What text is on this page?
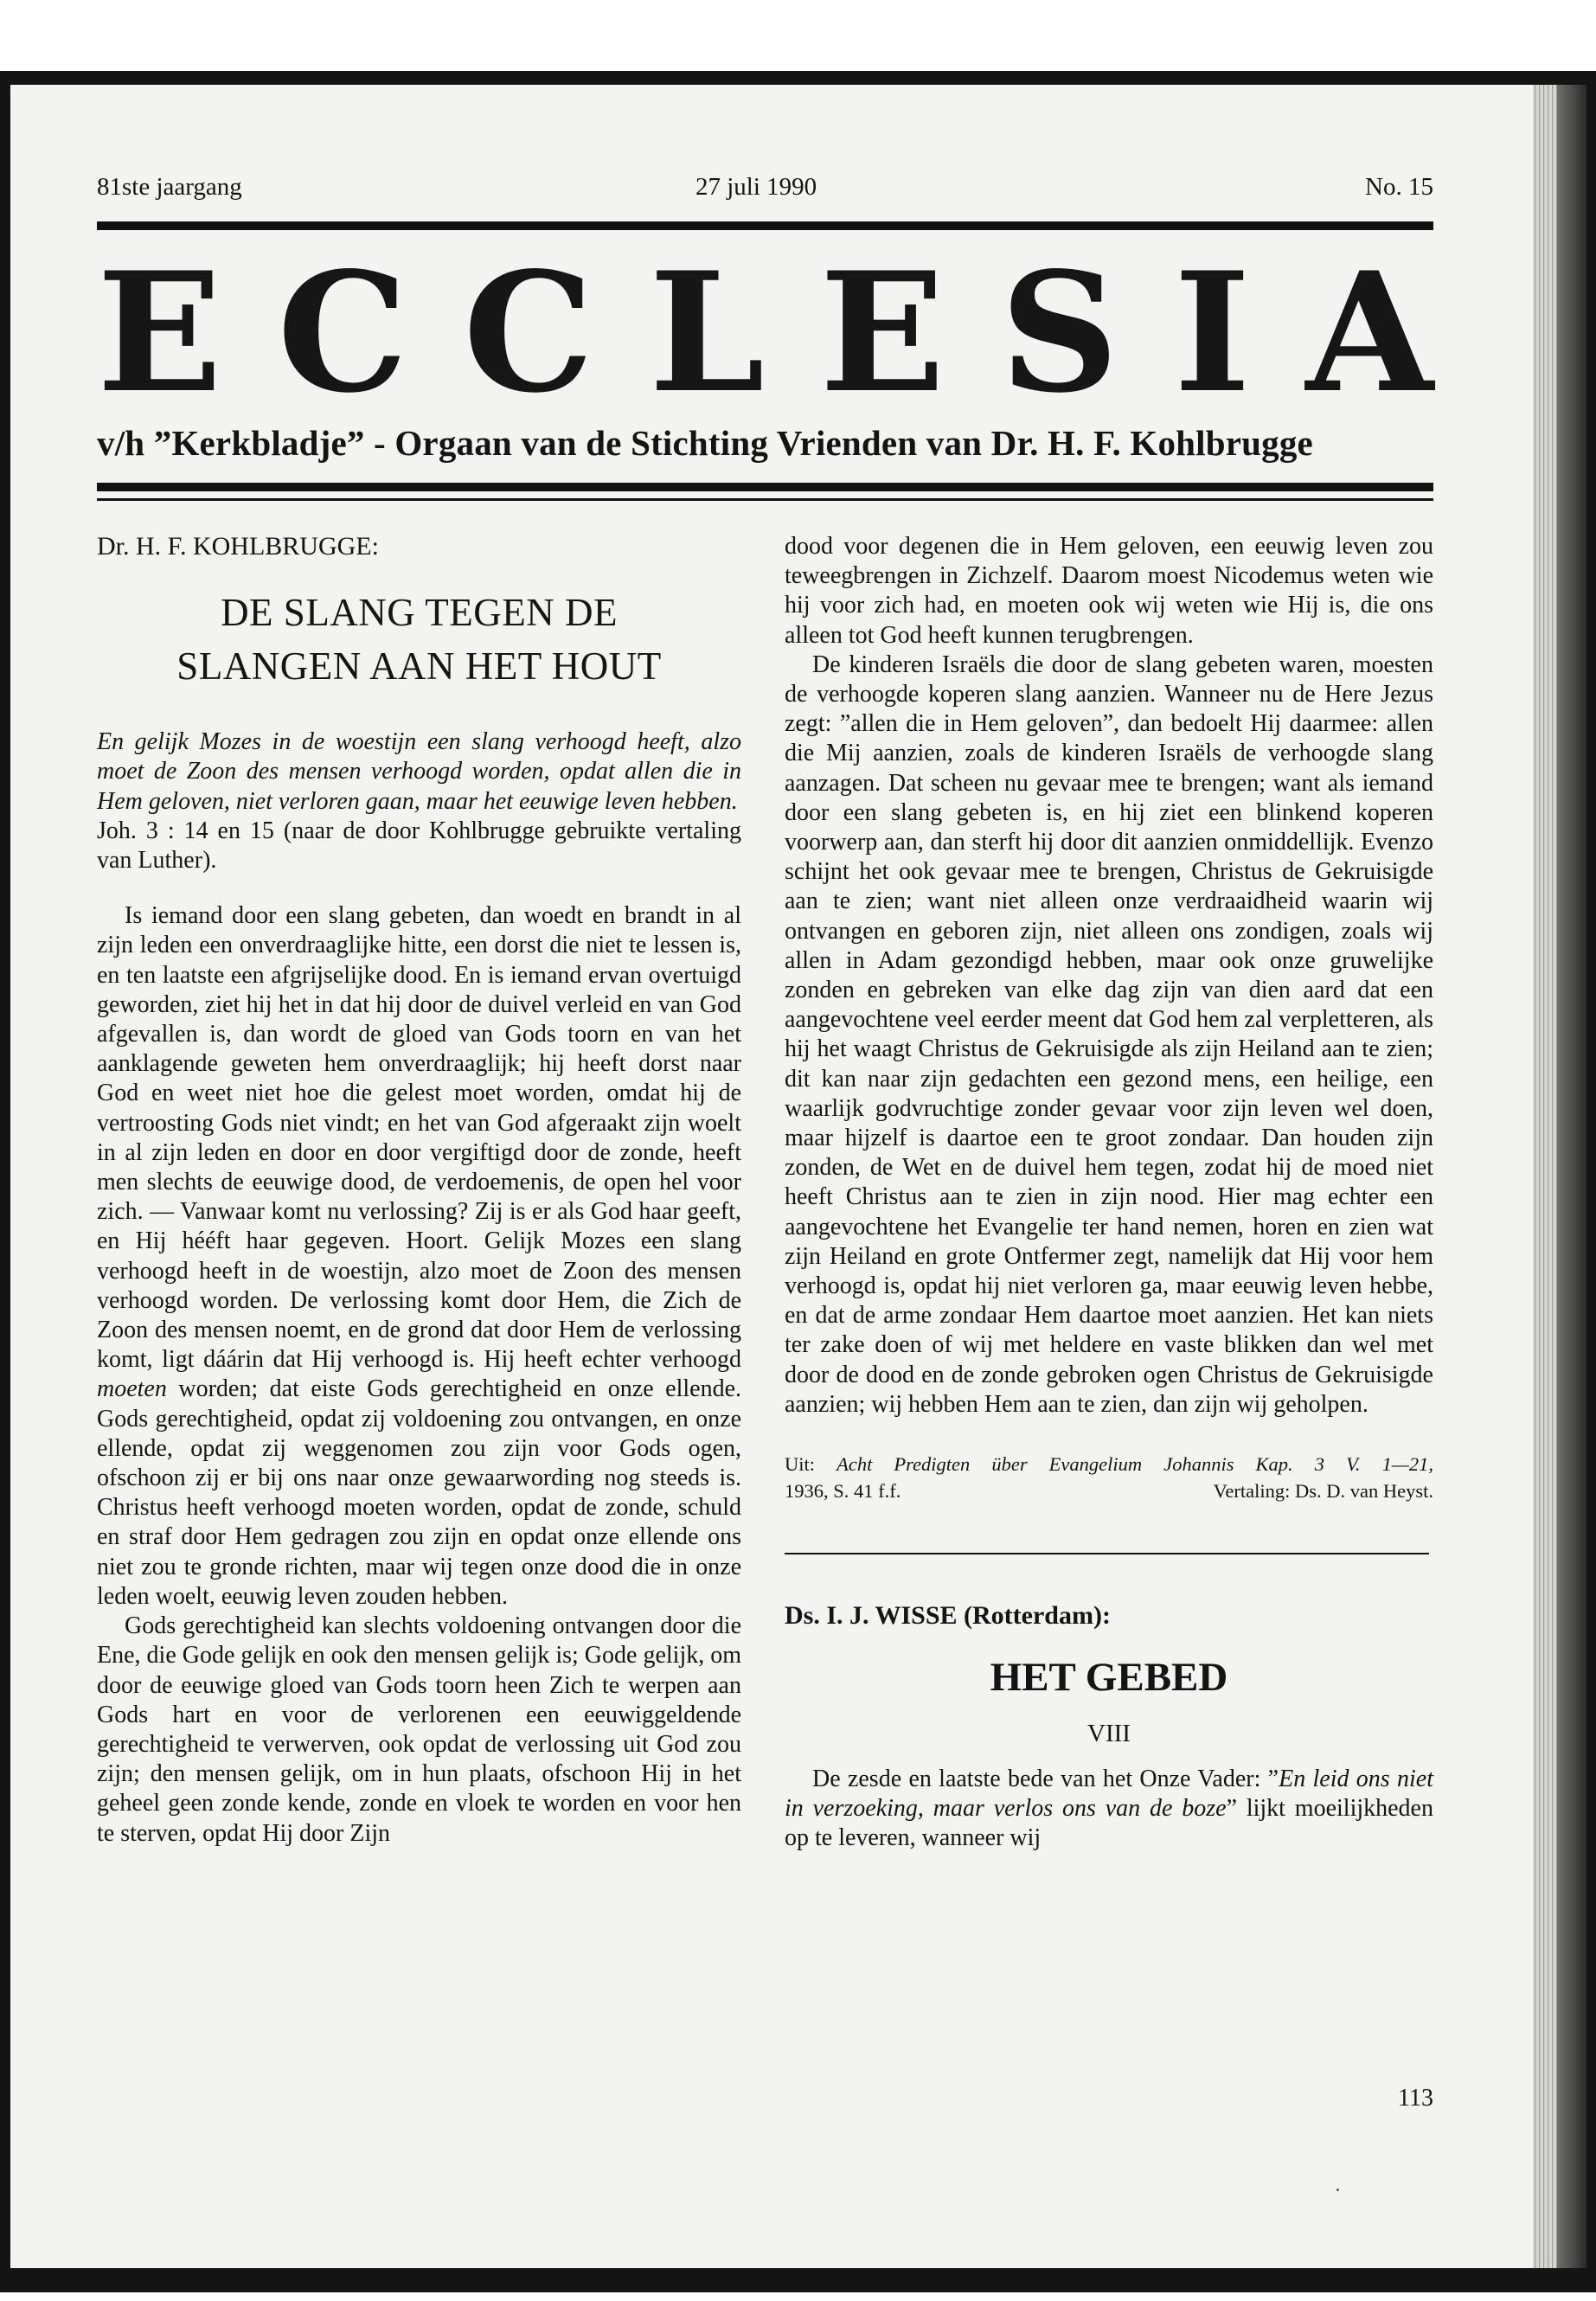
81ste jaargang	27 juli 1990	No. 15
E C C L E S I A
v/h ”Kerkbladje” - Orgaan van de Stichting Vrienden van Dr. H. F. Kohlbrugge

Dr. H. F. KOHLBRUGGE:

DE SLANG TEGEN DE
SLANGEN AAN HET HOUT

En gelijk Mozes in de woestijn een slang verhoogd heeft, alzo moet de Zoon des mensen verhoogd worden, opdat allen die in Hem geloven, niet verloren gaan, maar het eeuwige leven hebben.

Joh. 3 : 14 en 15 (naar de door Kohlbrugge gebruikte vertaling van Luther).

Is iemand door een slang gebeten, dan woedt en brandt in al zijn leden een onverdraaglijke hitte, een dorst die niet te lessen is, en ten laatste een afgrijselijke dood. En is iemand ervan overtuigd geworden, ziet hij het in dat hij door de duivel verleid en van God afgevallen is, dan wordt de gloed van Gods toorn en van het aanklagende geweten hem onverdraaglijk; hij heeft dorst naar God en weet niet hoe die gelest moet worden, omdat hij de vertroosting Gods niet vindt; en het van God afgeraakt zijn woelt in al zijn leden en door en door vergiftigd door de zonde, heeft men slechts de eeuwige dood, de verdoemenis, de open hel voor zich. — Vanwaar komt nu verlossing? Zij is er als God haar geeft, en Hij hééft haar gegeven. Hoort. Gelijk Mozes een slang verhoogd heeft in de woestijn, alzo moet de Zoon des mensen verhoogd worden. De verlossing komt door Hem, die Zich de Zoon des mensen noemt, en de grond dat door Hem de verlossing komt, ligt dáárin dat Hij verhoogd is. Hij heeft echter verhoogd moeten worden; dat eiste Gods gerechtigheid en onze ellende. Gods gerechtigheid, opdat zij voldoening zou ontvangen, en onze ellende, opdat zij weggenomen zou zijn voor Gods ogen, ofschoon zij er bij ons naar onze gewaarwording nog steeds is. Christus heeft verhoogd moeten worden, opdat de zonde, schuld en straf door Hem gedragen zou zijn en opdat onze ellende ons niet zou te gronde richten, maar wij tegen onze dood die in onze leden woelt, eeuwig leven zouden hebben.

Gods gerechtigheid kan slechts voldoening ontvangen door die Ene, die Gode gelijk en ook den mensen gelijk is; Gode gelijk, om door de eeuwige gloed van Gods toorn heen Zich te werpen aan Gods hart en voor de verlorenen een eeuwiggeldende gerechtigheid te verwerven, ook opdat de verlossing uit God zou zijn; den mensen gelijk, om in hun plaats, ofschoon Hij in het geheel geen zonde kende, zonde en vloek te worden en voor hen te sterven, opdat Hij door Zijn

dood voor degenen die in Hem geloven, een eeuwig leven zou teweegbrengen in Zichzelf. Daarom moest Nicodemus weten wie hij voor zich had, en moeten ook wij weten wie Hij is, die ons alleen tot God heeft kunnen terugbrengen.

De kinderen Israëls die door de slang gebeten waren, moesten de verhoogde koperen slang aanzien. Wanneer nu de Here Jezus zegt: ”allen die in Hem geloven”, dan bedoelt Hij daarmee: allen die Mij aanzien, zoals de kinderen Israëls de verhoogde slang aanzagen. Dat scheen nu gevaar mee te brengen; want als iemand door een slang gebeten is, en hij ziet een blinkend koperen voorwerp aan, dan sterft hij door dit aanzien onmiddellijk. Evenzo schijnt het ook gevaar mee te brengen, Christus de Gekruisigde aan te zien; want niet alleen onze verdraaidheid waarin wij ontvangen en geboren zijn, niet alleen ons zondigen, zoals wij allen in Adam gezondigd hebben, maar ook onze gruwelijke zonden en gebreken van elke dag zijn van dien aard dat een aangevochtene veel eerder meent dat God hem zal verpletteren, als hij het waagt Christus de Gekruisigde als zijn Heiland aan te zien; dit kan naar zijn gedachten een gezond mens, een heilige, een waarlijk godvruchtige zonder gevaar voor zijn leven wel doen, maar hijzelf is daartoe een te groot zondaar. Dan houden zijn zonden, de Wet en de duivel hem tegen, zodat hij de moed niet heeft Christus aan te zien in zijn nood. Hier mag echter een aangevochtene het Evangelie ter hand nemen, horen en zien wat zijn Heiland en grote Ontfermer zegt, namelijk dat Hij voor hem verhoogd is, opdat hij niet verloren ga, maar eeuwig leven hebbe, en dat de arme zondaar Hem daartoe moet aanzien. Het kan niets ter zake doen of wij met heldere en vaste blikken dan wel met door de dood en de zonde gebroken ogen Christus de Gekruisigde aanzien; wij hebben Hem aan te zien, dan zijn wij geholpen.

Uit: Acht Predigten über Evangelium Johannis Kap. 3 V. 1—21,
1936, S. 41 f.f.	Vertaling: Ds. D. van Heyst.

Ds. I. J. WISSE (Rotterdam):

HET GEBED

VIII

De zesde en laatste bede van het Onze Vader: ”En leid ons niet in verzoeking, maar verlos ons van de boze” lijkt moeilijkheden op te leveren, wanneer wij

113
